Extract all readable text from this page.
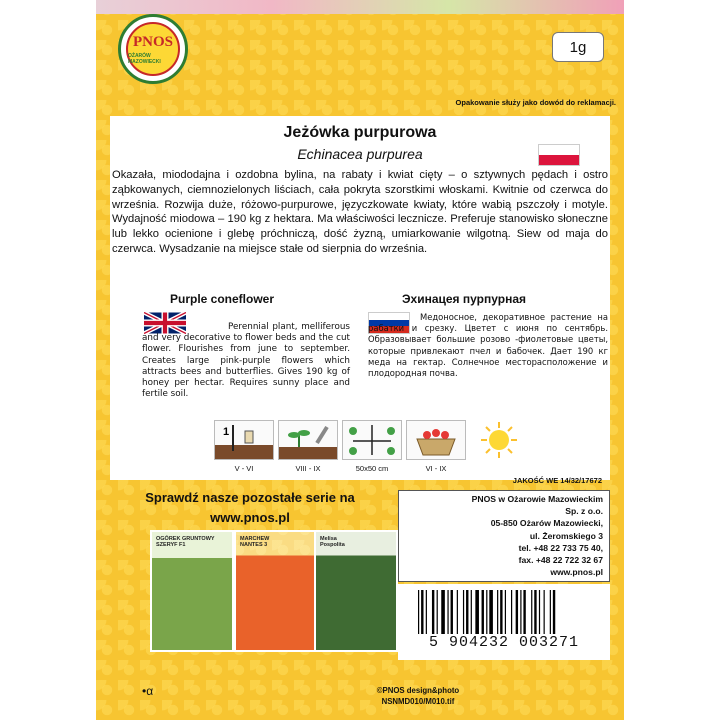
PNOS
OŻARÓW MAZOWIECKI
1g
Opakowanie służy jako dowód do reklamacji.
Jeżówka purpurowa
Echinacea purpurea
Okazała, miododajna i ozdobna bylina, na rabaty i kwiat cięty – o sztywnych pędach i ostro ząbkowanych, ciemnozielonych liściach, cała pokryta szorstkimi włoskami. Kwitnie od czerwca do września. Rozwija duże, różowo-purpurowe, języczkowate kwiaty, które wabią pszczoły i motyle. Wydajność miodowa – 190 kg z hektara. Ma właściwości lecznicze. Preferuje stanowisko słoneczne lub lekko ocienione i glebę próchniczą, dość żyzną, umiarkowanie wilgotną. Siew od maja do czerwca. Wysadzanie na miejsce stałe od sierpnia do września.
Purple coneflower	Эхинацея пурпурная
Perennial plant, melliferous and very decorative to flower beds and the cut flower. Flourishes from june to september. Creates large pink-purple flowers which attracts bees and butterflies. Gives 190 kg of honey per hectar. Requires sunny place and fertile soil.
Медоносное, декоративное растение на рабатки и срезку. Цветет с июня по сентябрь. Образовывает большие розово -фиолетовые цветы, которые привлекают пчел и бабочек. Дает 190 кг меда на гектар. Солнечное месторасположение и плодородная почва.
1
V - VI	VIII - IX	50x50 cm	VI - IX
JAKOŚĆ WE 14/32/17672
Sprawdź nasze pozostałe serie na
www.pnos.pl
OGÓREK GRUNTOWY
SZERYF F1
MARCHEW
NANTES 3
Melisa
Pospolita
PNOS w Ożarowie Mazowieckim
Sp. z o.o.
05-850 Ożarów Mazowiecki,
ul. Żeromskiego 3
tel. +48 22 733 75 40,
fax. +48 22 722 32 67
www.pnos.pl
5 904232 003271
•α	©PNOS design&photo
NSNMD010/M010.tif
